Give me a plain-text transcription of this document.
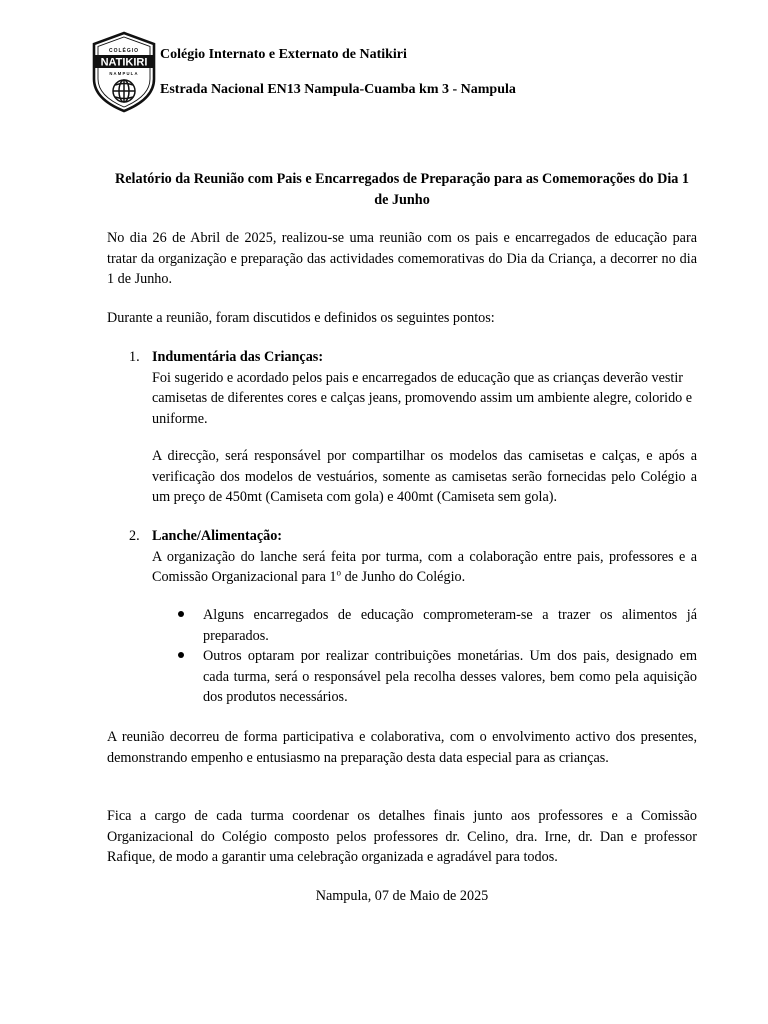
COLÉGIO
NATIKIRI
NAMPULA
Colégio Internato e Externato de Natikiri
Estrada Nacional EN13 Nampula-Cuamba km 3 - Nampula

Relatório da Reunião com Pais e Encarregados de Preparação para as Comemorações do Dia 1 de Junho

No dia 26 de Abril de 2025, realizou-se uma reunião com os pais e encarregados de educação para tratar da organização e preparação das actividades comemorativas do Dia da Criança, a decorrer no dia 1 de Junho.

Durante a reunião, foram discutidos e definidos os seguintes pontos:

1. Indumentária das Crianças:
Foi sugerido e acordado pelos pais e encarregados de educação que as crianças deverão vestir camisetas de diferentes cores e calças jeans, promovendo assim um ambiente alegre, colorido e uniforme.

A direcção, será responsável por compartilhar os modelos das camisetas e calças, e após a verificação dos modelos de vestuários, somente as camisetas serão fornecidas pelo Colégio a um preço de 450mt (Camiseta com gola) e 400mt (Camiseta sem gola).

2. Lanche/Alimentação:
A organização do lanche será feita por turma, com a colaboração entre pais, professores e a Comissão Organizacional para 1$^o$ de Junho do Colégio.

Alguns encarregados de educação comprometeram-se a trazer os alimentos já preparados.

Outros optaram por realizar contribuições monetárias. Um dos pais, designado em cada turma, será o responsável pela recolha desses valores, bem como pela aquisição dos produtos necessários.

A reunião decorreu de forma participativa e colaborativa, com o envolvimento activo dos presentes, demonstrando empenho e entusiasmo na preparação desta data especial para as crianças.

Fica a cargo de cada turma coordenar os detalhes finais junto aos professores e a Comissão Organizacional do Colégio composto pelos professores dr. Celino, dra. Irne, dr. Dan e professor Rafique, de modo a garantir uma celebração organizada e agradável para todos.

Nampula, 07 de Maio de 2025
